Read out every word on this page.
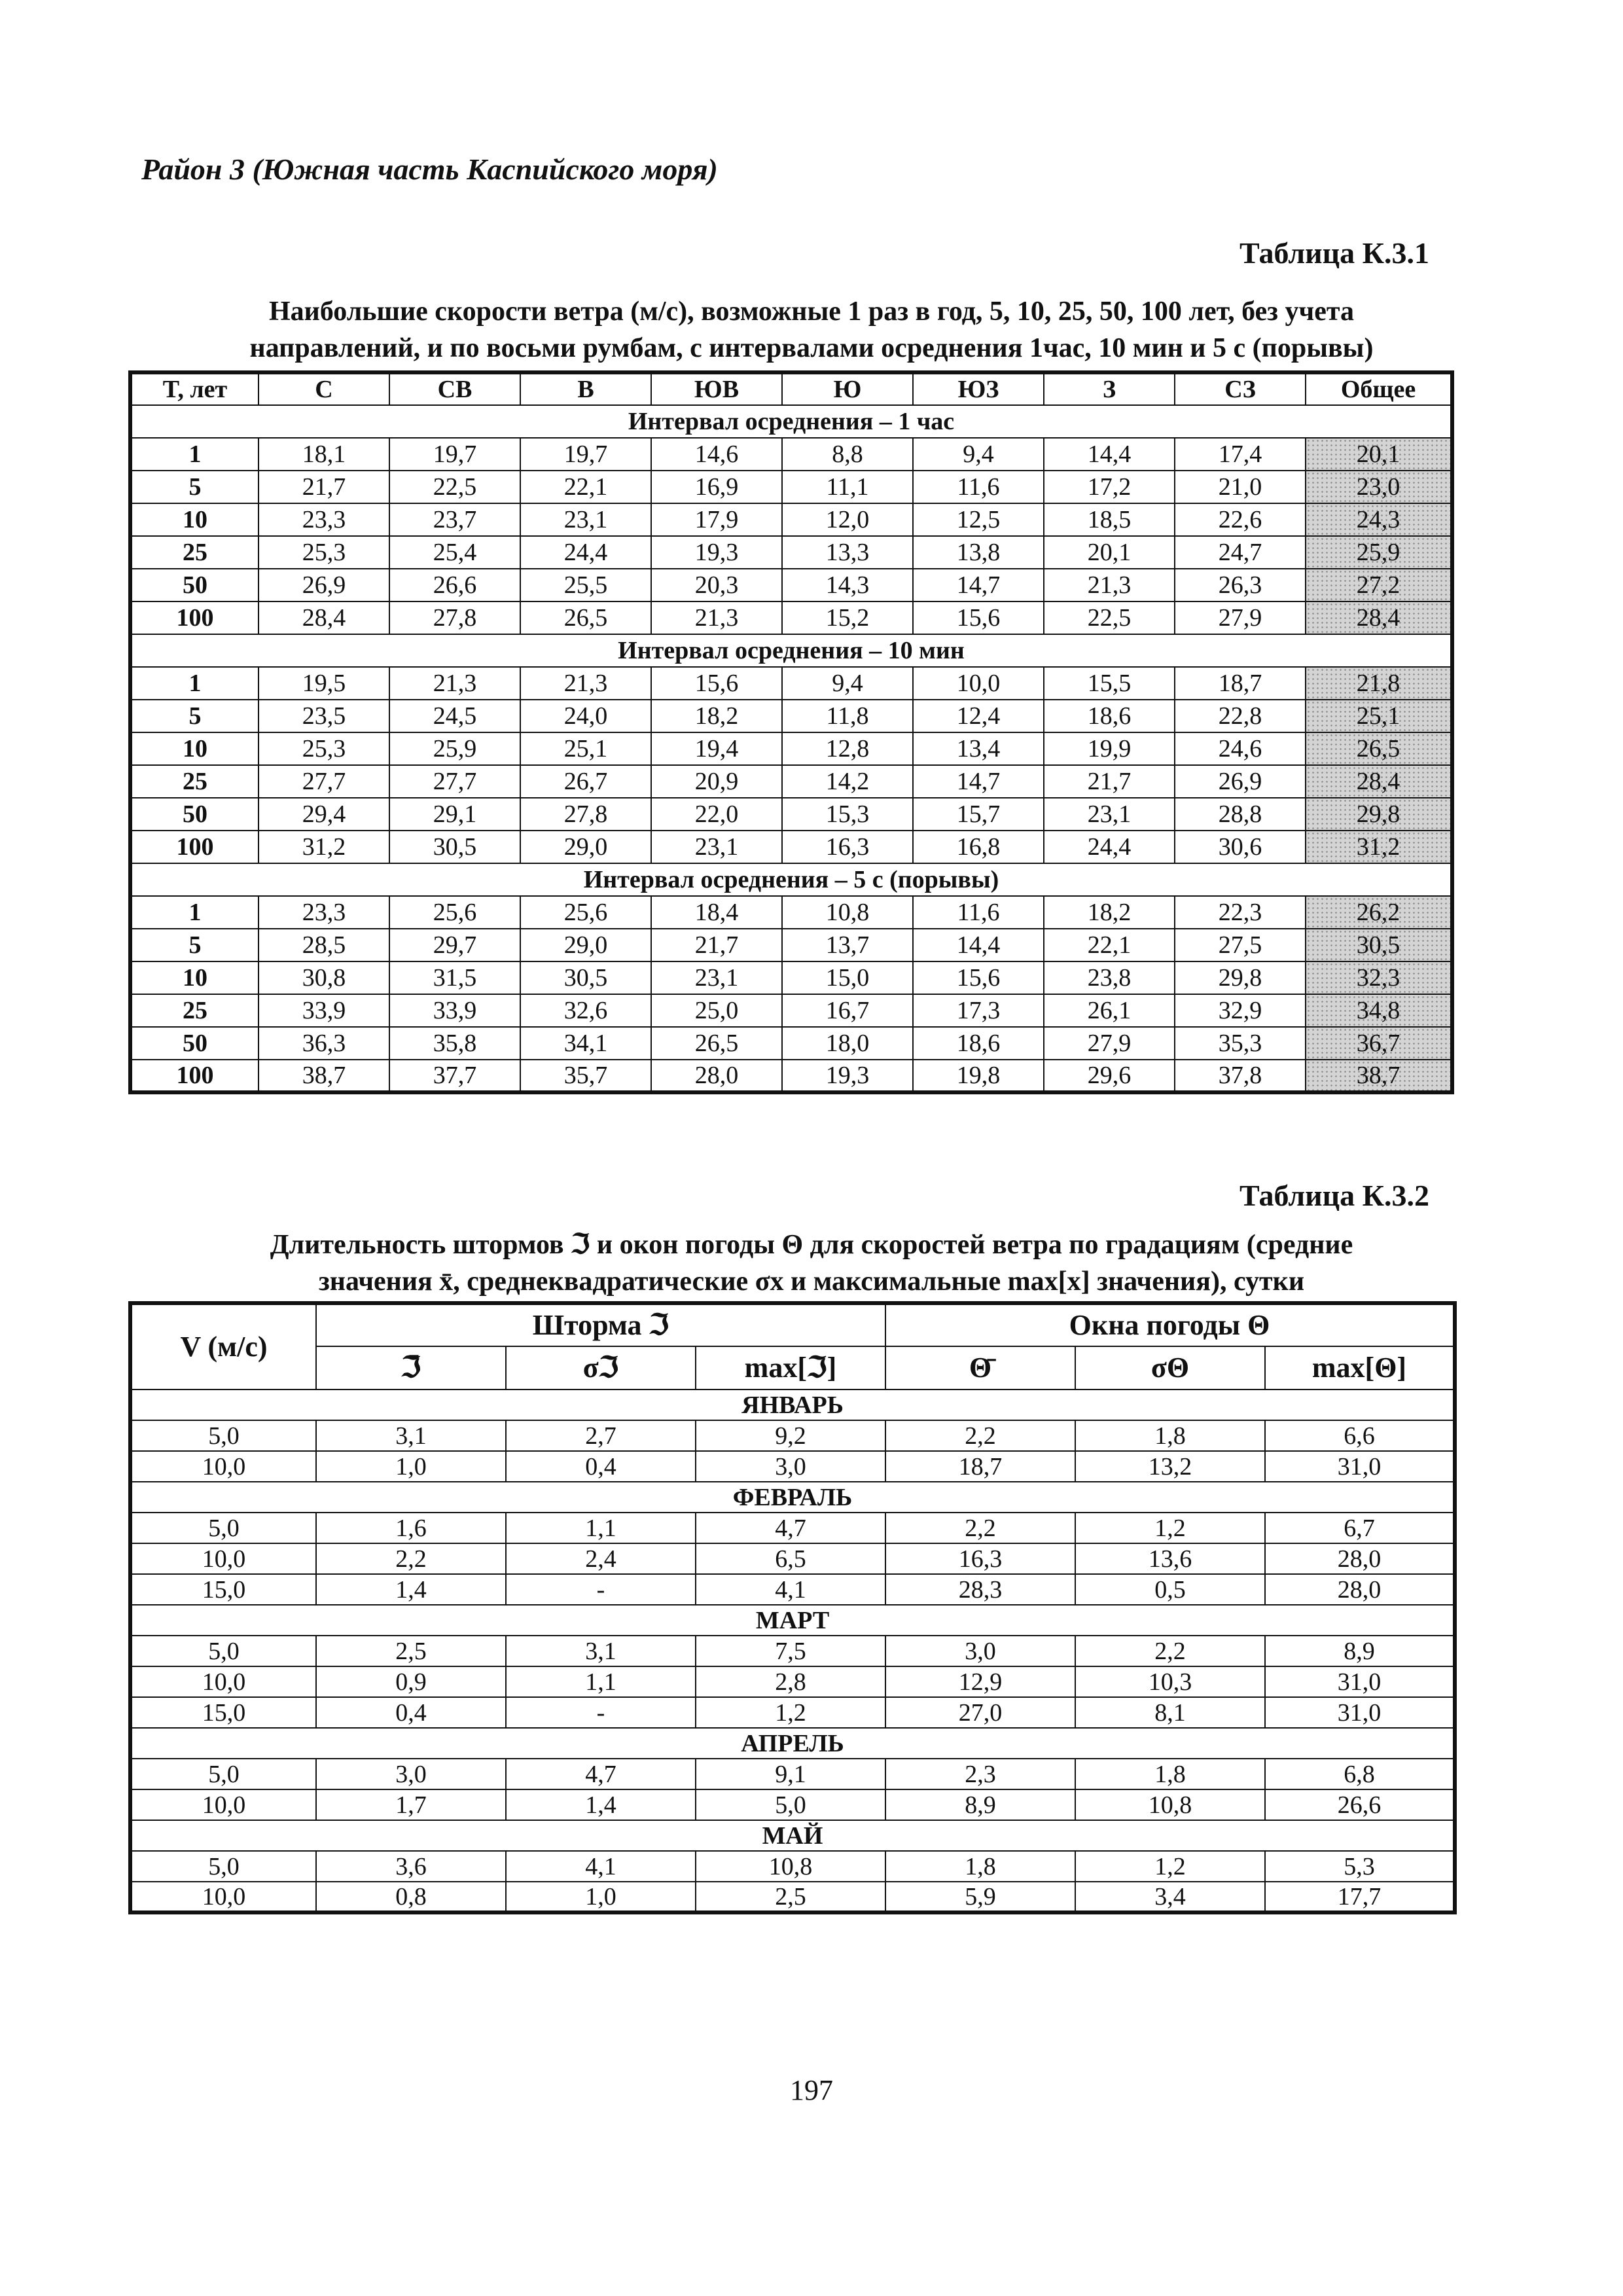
Район 3 (Южная часть Каспийского моря)
Таблица К.3.1
Наибольшие скорости ветра (м/с), возможные 1 раз в год, 5, 10, 25, 50, 100 лет, без учета
направлений, и по восьми румбам, с интервалами осреднения 1час, 10 мин и 5 с (порывы)
T, лет	С	СВ	В	ЮВ	Ю	ЮЗ	З	СЗ	Общее
Интервал осреднения – 1 час									
1	18,1	19,7	19,7	14,6	8,8	9,4	14,4	17,4	20,1
5	21,7	22,5	22,1	16,9	11,1	11,6	17,2	21,0	23,0
10	23,3	23,7	23,1	17,9	12,0	12,5	18,5	22,6	24,3
25	25,3	25,4	24,4	19,3	13,3	13,8	20,1	24,7	25,9
50	26,9	26,6	25,5	20,3	14,3	14,7	21,3	26,3	27,2
100	28,4	27,8	26,5	21,3	15,2	15,6	22,5	27,9	28,4
Интервал осреднения – 10 мин									
1	19,5	21,3	21,3	15,6	9,4	10,0	15,5	18,7	21,8
5	23,5	24,5	24,0	18,2	11,8	12,4	18,6	22,8	25,1
10	25,3	25,9	25,1	19,4	12,8	13,4	19,9	24,6	26,5
25	27,7	27,7	26,7	20,9	14,2	14,7	21,7	26,9	28,4
50	29,4	29,1	27,8	22,0	15,3	15,7	23,1	28,8	29,8
100	31,2	30,5	29,0	23,1	16,3	16,8	24,4	30,6	31,2
Интервал осреднения – 5 с (порывы)									
1	23,3	25,6	25,6	18,4	10,8	11,6	18,2	22,3	26,2
5	28,5	29,7	29,0	21,7	13,7	14,4	22,1	27,5	30,5
10	30,8	31,5	30,5	23,1	15,0	15,6	23,8	29,8	32,3
25	33,9	33,9	32,6	25,0	16,7	17,3	26,1	32,9	34,8
50	36,3	35,8	34,1	26,5	18,0	18,6	27,9	35,3	36,7
100	38,7	37,7	35,7	28,0	19,3	19,8	29,6	37,8	38,7
Таблица К.3.2
Длительность штормов ℑ и окон погоды Θ для скоростей ветра по градациям (средние
значения x̄, среднеквадратические σx и максимальные max[x] значения), сутки
V (м/с)	Шторма ℑ			Окна погоды Θ		
	ℑ̄	σℑ	max[ℑ]	Θ̄	σΘ	max[Θ]
ЯНВАРЬ						
5,0	3,1	2,7	9,2	2,2	1,8	6,6
10,0	1,0	0,4	3,0	18,7	13,2	31,0
ФЕВРАЛЬ						
5,0	1,6	1,1	4,7	2,2	1,2	6,7
10,0	2,2	2,4	6,5	16,3	13,6	28,0
15,0	1,4	-	4,1	28,3	0,5	28,0
МАРТ						
5,0	2,5	3,1	7,5	3,0	2,2	8,9
10,0	0,9	1,1	2,8	12,9	10,3	31,0
15,0	0,4	-	1,2	27,0	8,1	31,0
АПРЕЛЬ						
5,0	3,0	4,7	9,1	2,3	1,8	6,8
10,0	1,7	1,4	5,0	8,9	10,8	26,6
МАЙ						
5,0	3,6	4,1	10,8	1,8	1,2	5,3
10,0	0,8	1,0	2,5	5,9	3,4	17,7
197
